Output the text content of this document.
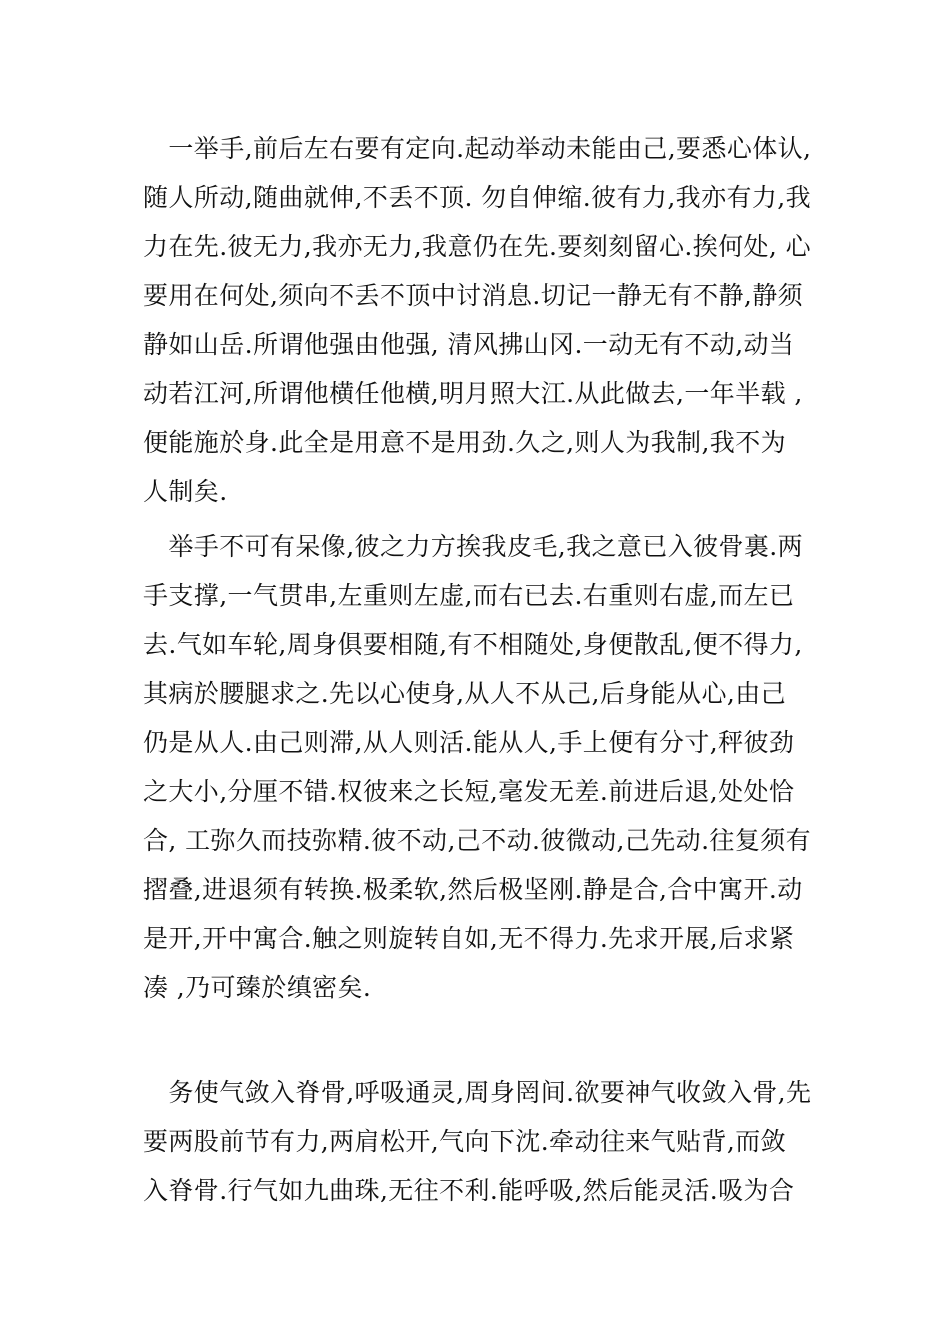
　一举手,前后左右要有定向.起动举动未能由己,要悉心体认,
随人所动,随曲就伸,不丢不顶. 勿自伸缩.彼有力,我亦有力,我
力在先.彼无力,我亦无力,我意仍在先.要刻刻留心.挨何处, 心
要用在何处,须向不丢不顶中讨消息.切记一静无有不静,静须
静如山岳.所谓他强由他强, 清风拂山冈.一动无有不动,动当
动若江河,所谓他横任他横,明月照大江.从此做去,一年半载 ,
便能施於身.此全是用意不是用劲.久之,则人为我制,我不为
人制矣.
　举手不可有呆像,彼之力方挨我皮毛,我之意已入彼骨裏.两
手支撑,一气贯串,左重则左虚,而右已去.右重则右虚,而左已
去.气如车轮,周身俱要相随,有不相随处,身便散乱,便不得力,
其病於腰腿求之.先以心使身,从人不从己,后身能从心,由己
仍是从人.由己则滞,从人则活.能从人,手上便有分寸,秤彼劲
之大小,分厘不错.权彼来之长短,毫发无差.前进后退,处处恰
合, 工弥久而技弥精.彼不动,己不动.彼微动,己先动.往复须有
摺叠,进退须有转换.极柔软,然后极坚刚.静是合,合中寓开.动
是开,开中寓合.触之则旋转自如,无不得力.先求开展,后求紧
凑 ,乃可臻於缜密矣.
　务使气敛入脊骨,呼吸通灵,周身罔间.欲要神气收敛入骨,先
要两股前节有力,两肩松开,气向下沈.牵动往来气贴背,而敛
入脊骨.行气如九曲珠,无往不利.能呼吸,然后能灵活.吸为合
